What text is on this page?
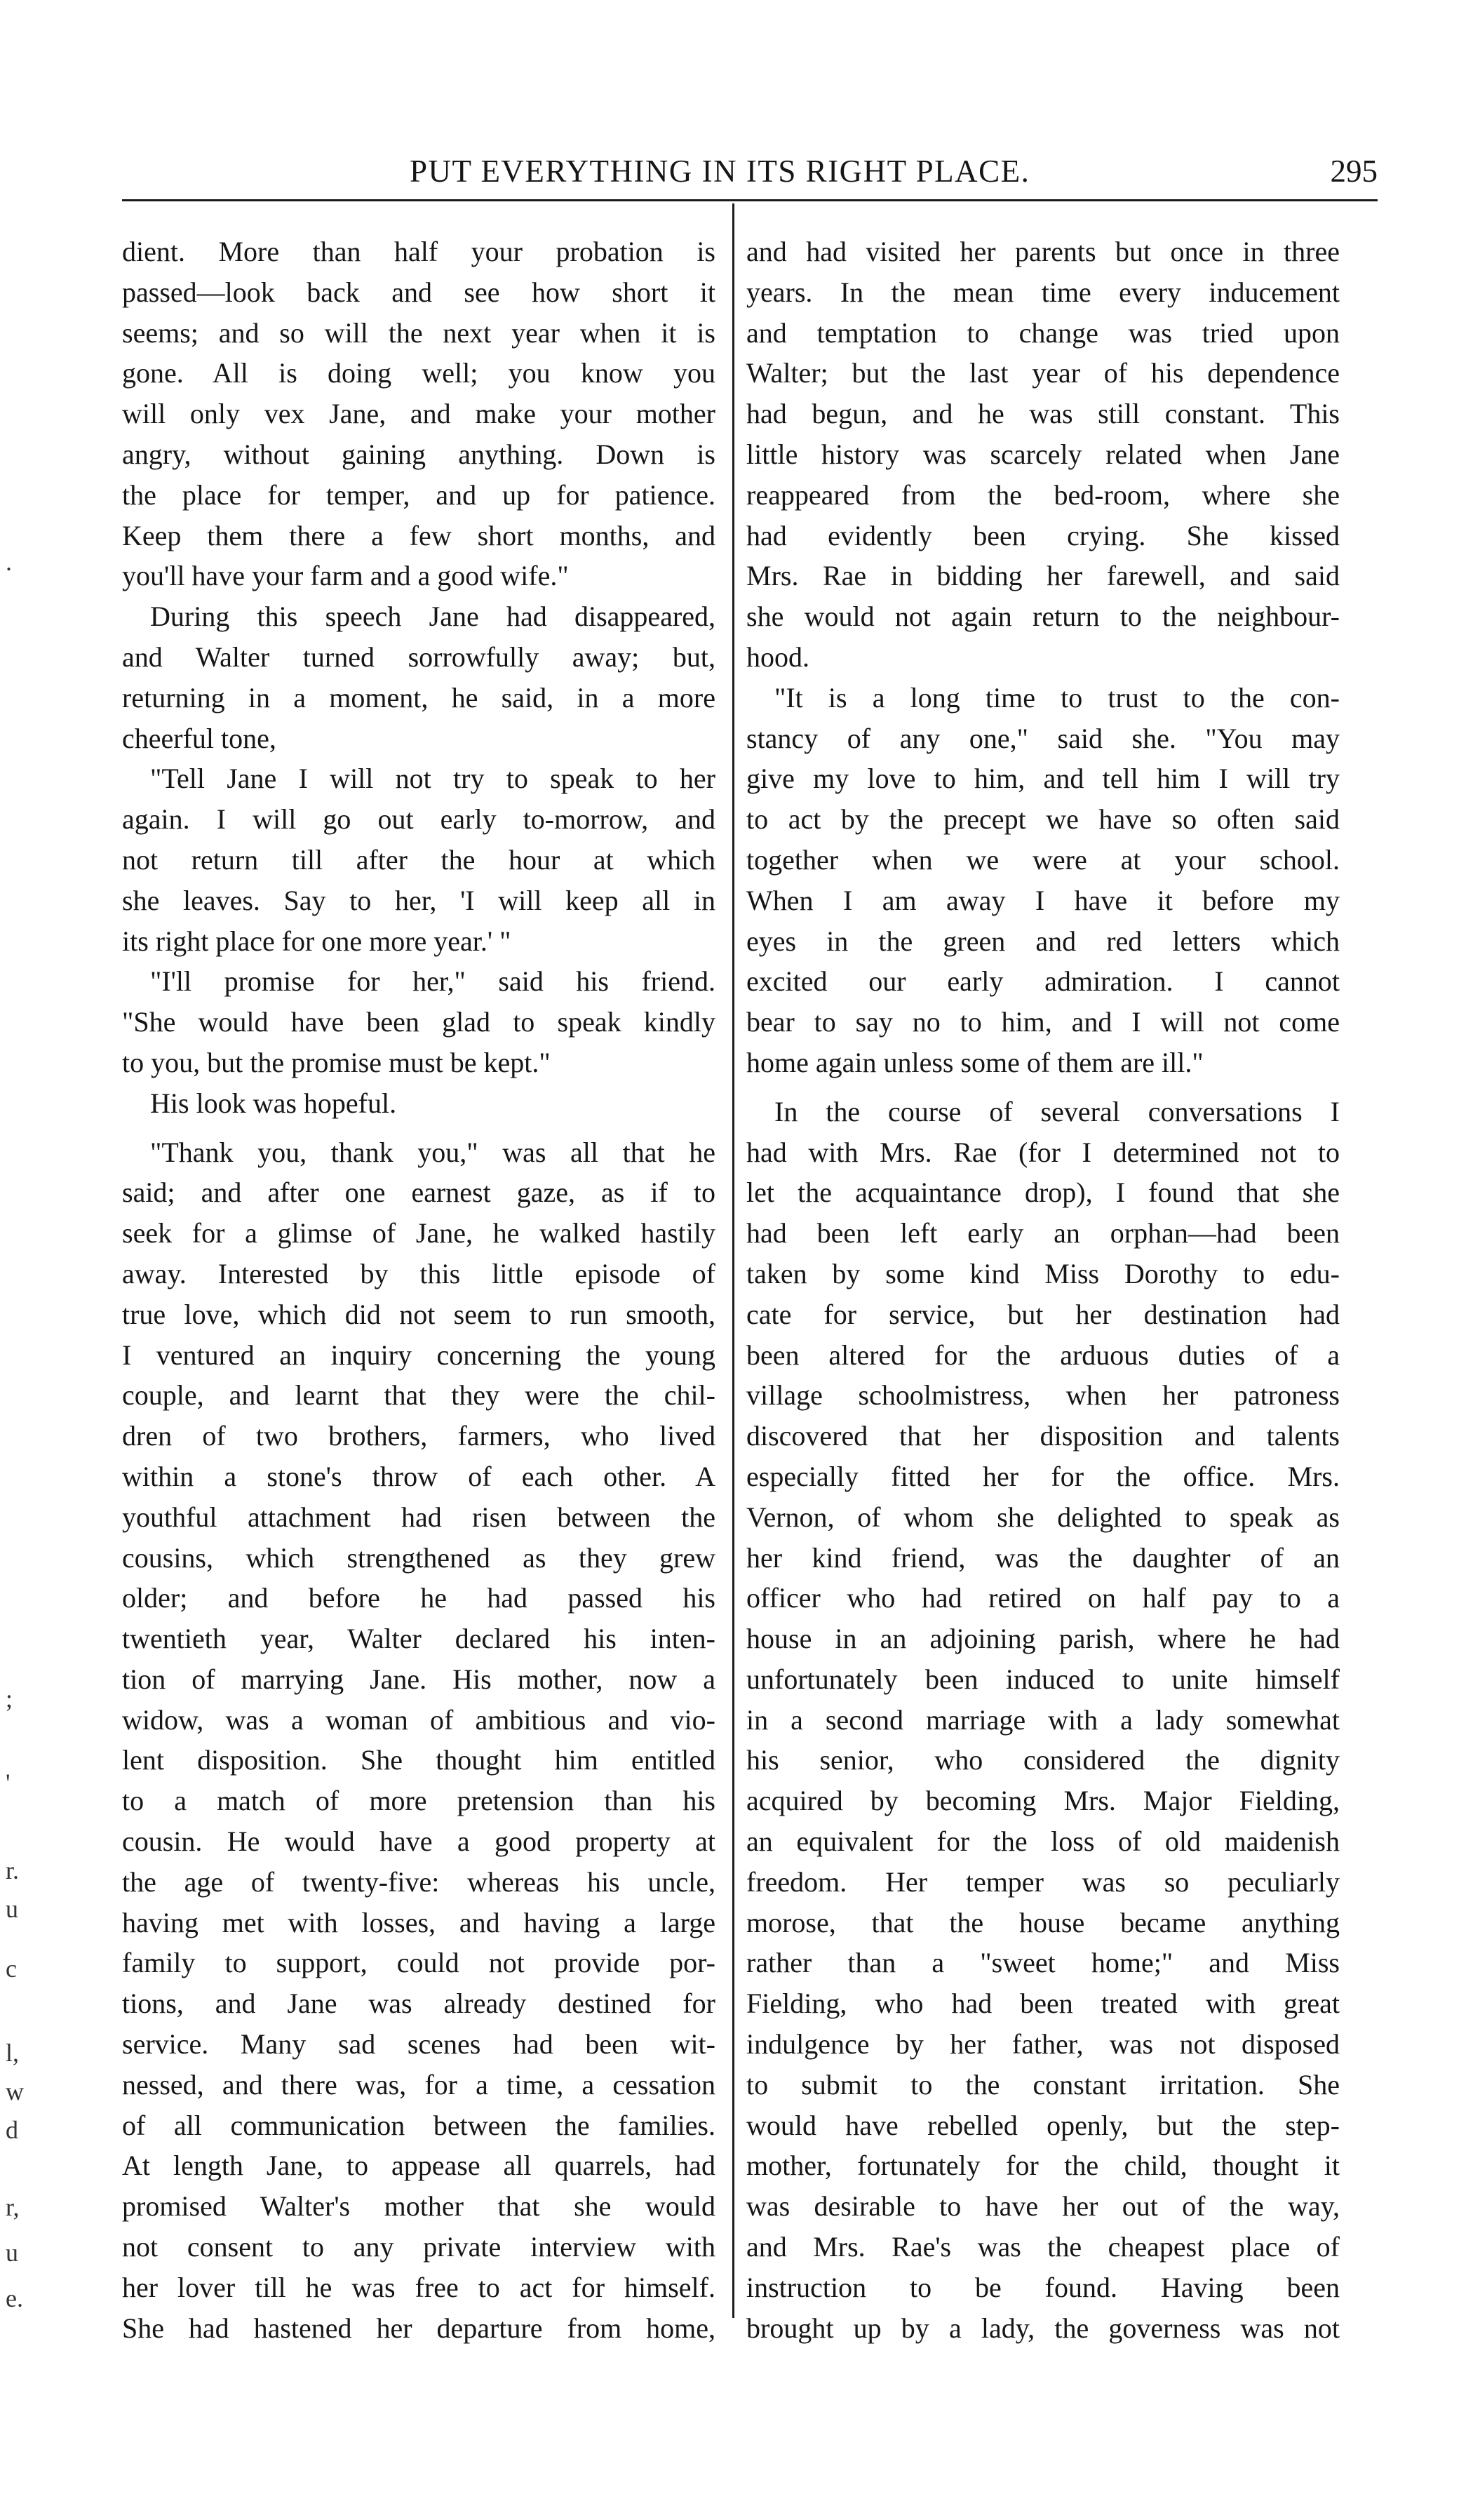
PUT EVERYTHING IN ITS RIGHT PLACE.	295

dient. More than half your probation is

passed—look back and see how short it

seems; and so will the next year when it is

gone. All is doing well; you know you

will only vex Jane, and make your mother

angry, without gaining anything. Down is

the place for temper, and up for patience.

Keep them there a few short months, and

you'll have your farm and a good wife."

During this speech Jane had disappeared,

and Walter turned sorrowfully away; but,

returning in a moment, he said, in a more

cheerful tone,

"Tell Jane I will not try to speak to her

again. I will go out early to-morrow, and

not return till after the hour at which

she leaves. Say to her, 'I will keep all in

its right place for one more year.' "

"I'll promise for her," said his friend.

"She would have been glad to speak kindly

to you, but the promise must be kept."

His look was hopeful.

"Thank you, thank you," was all that he

said; and after one earnest gaze, as if to

seek for a glimse of Jane, he walked hastily

away. Interested by this little episode of

true love, which did not seem to run smooth,

I ventured an inquiry concerning the young

couple, and learnt that they were the chil-

dren of two brothers, farmers, who lived

within a stone's throw of each other. A

youthful attachment had risen between the

cousins, which strengthened as they grew

older; and before he had passed his

twentieth year, Walter declared his inten-

tion of marrying Jane. His mother, now a

widow, was a woman of ambitious and vio-

lent disposition. She thought him entitled

to a match of more pretension than his

cousin. He would have a good property at

the age of twenty-five: whereas his uncle,

having met with losses, and having a large

family to support, could not provide por-

tions, and Jane was already destined for

service. Many sad scenes had been wit-

nessed, and there was, for a time, a cessation

of all communication between the families.

At length Jane, to appease all quarrels, had

promised Walter's mother that she would

not consent to any private interview with

her lover till he was free to act for himself.

She had hastened her departure from home,

and had visited her parents but once in three

years. In the mean time every inducement

and temptation to change was tried upon

Walter; but the last year of his dependence

had begun, and he was still constant. This

little history was scarcely related when Jane

reappeared from the bed-room, where she

had evidently been crying. She kissed

Mrs. Rae in bidding her farewell, and said

she would not again return to the neighbour-

hood.

"It is a long time to trust to the con-

stancy of any one," said she. "You may

give my love to him, and tell him I will try

to act by the precept we have so often said

together when we were at your school.

When I am away I have it before my

eyes in the green and red letters which

excited our early admiration. I cannot

bear to say no to him, and I will not come

home again unless some of them are ill."

In the course of several conversations I

had with Mrs. Rae (for I determined not to

let the acquaintance drop), I found that she

had been left early an orphan—had been

taken by some kind Miss Dorothy to edu-

cate for service, but her destination had

been altered for the arduous duties of a

village schoolmistress, when her patroness

discovered that her disposition and talents

especially fitted her for the office. Mrs.

Vernon, of whom she delighted to speak as

her kind friend, was the daughter of an

officer who had retired on half pay to a

house in an adjoining parish, where he had

unfortunately been induced to unite himself

in a second marriage with a lady somewhat

his senior, who considered the dignity

acquired by becoming Mrs. Major Fielding,

an equivalent for the loss of old maidenish

freedom. Her temper was so peculiarly

morose, that the house became anything

rather than a "sweet home;" and Miss

Fielding, who had been treated with great

indulgence by her father, was not disposed

to submit to the constant irritation. She

would have rebelled openly, but the step-

mother, fortunately for the child, thought it

was desirable to have her out of the way,

and Mrs. Rae's was the cheapest place of

instruction to be found. Having been

brought up by a lady, the governess was not

.
;
'
r.
u
c
l,
w
d
r,
u
e.
